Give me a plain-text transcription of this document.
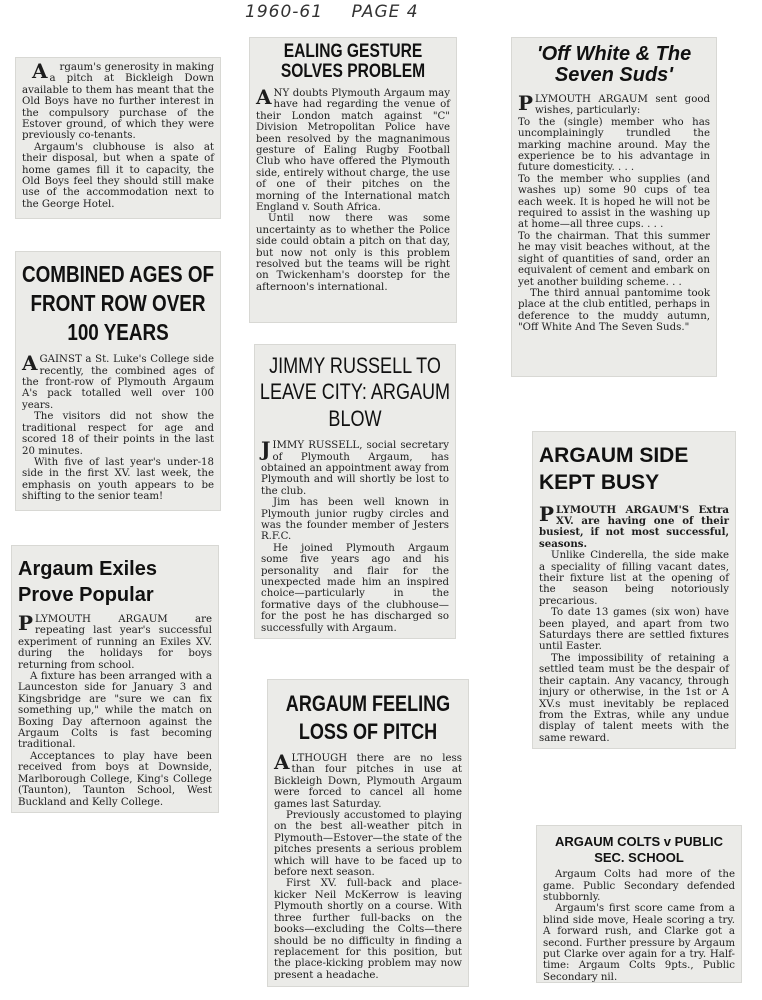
1960-61 PAGE 4

Argaum's generosity in making a pitch at Bickleigh Down available to them has meant that the Old Boys have no further interest in the compulsory purchase of the Estover ground, of which they were previously co-tenants.

Argaum's clubhouse is also at their disposal, but when a spate of home games fill it to capacity, the Old Boys feel they should still make use of the accommodation next to the George Hotel.

EALING GESTURE SOLVES PROBLEM

ANY doubts Plymouth Argaum may have had regarding the venue of their London match against "C" Division Metropolitan Police have been resolved by the magnanimous gesture of Ealing Rugby Football Club who have offered the Plymouth side, entirely without charge, the use of one of their pitches on the morning of the International match England v. South Africa.

Until now there was some uncertainty as to whether the Police side could obtain a pitch on that day, but now not only is this problem resolved but the teams will be right on Twickenham's doorstep for the afternoon's international.

'Off White & The Seven Suds'

PLYMOUTH ARGAUM sent good wishes, particularly:

To the (single) member who has uncomplainingly trundled the marking machine around. May the experience be to his advantage in future domesticity. . . .

To the member who supplies (and washes up) some 90 cups of tea each week. It is hoped he will not be required to assist in the washing up at home—all three cups. . . .

To the chairman. That this summer he may visit beaches without, at the sight of quantities of sand, order an equivalent of cement and embark on yet another building scheme. . .

The third annual pantomime took place at the club entitled, perhaps in deference to the muddy autumn, "Off White And The Seven Suds."

COMBINED AGES OF FRONT ROW OVER 100 YEARS

AGAINST a St. Luke's College side recently, the combined ages of the front-row of Plymouth Argaum A's pack totalled well over 100 years.

The visitors did not show the traditional respect for age and scored 18 of their points in the last 20 minutes.

With five of last year's under-18 side in the first XV. last week, the emphasis on youth appears to be shifting to the senior team!

JIMMY RUSSELL TO LEAVE CITY: ARGAUM BLOW

JIMMY RUSSELL, social secretary of Plymouth Argaum, has obtained an appointment away from Plymouth and will shortly be lost to the club.

Jim has been well known in Plymouth junior rugby circles and was the founder member of Jesters R.F.C.

He joined Plymouth Argaum some five years ago and his personality and flair for the unexpected made him an inspired choice—particularly in the formative days of the clubhouse—for the post he has discharged so successfully with Argaum.

ARGAUM SIDE KEPT BUSY

PLYMOUTH ARGAUM'S Extra XV. are having one of their busiest, if not most successful, seasons.

Unlike Cinderella, the side make a speciality of filling vacant dates, their fixture list at the opening of the season being notoriously precarious.

To date 13 games (six won) have been played, and apart from two Saturdays there are settled fixtures until Easter.

The impossibility of retaining a settled team must be the despair of their captain. Any vacancy, through injury or otherwise, in the 1st or A XV.s must inevitably be replaced from the Extras, while any undue display of talent meets with the same reward.

Argaum Exiles Prove Popular

PLYMOUTH ARGAUM are repeating last year's successful experiment of running an Exiles XV. during the holidays for boys returning from school.

A fixture has been arranged with a Launceston side for January 3 and Kingsbridge are "sure we can fix something up," while the match on Boxing Day afternoon against the Argaum Colts is fast becoming traditional.

Acceptances to play have been received from boys at Downside, Marlborough College, King's College (Taunton), Taunton School, West Buckland and Kelly College.

ARGAUM FEELING LOSS OF PITCH

ALTHOUGH there are no less than four pitches in use at Bickleigh Down, Plymouth Argaum were forced to cancel all home games last Saturday.

Previously accustomed to playing on the best all-weather pitch in Plymouth—Estover—the state of the pitches presents a serious problem which will have to be faced up to before next season.

First XV. full-back and place-kicker Neil McKerrow is leaving Plymouth shortly on a course. With three further full-backs on the books—excluding the Colts—there should be no difficulty in finding a replacement for this position, but the place-kicking problem may now present a headache.

ARGAUM COLTS v PUBLIC SEC. SCHOOL

Argaum Colts had more of the game. Public Secondary defended stubbornly.

Argaum's first score came from a blind side move, Heale scoring a try. A forward rush, and Clarke got a second. Further pressure by Argaum put Clarke over again for a try. Half-time: Argaum Colts 9pts., Public Secondary nil.
